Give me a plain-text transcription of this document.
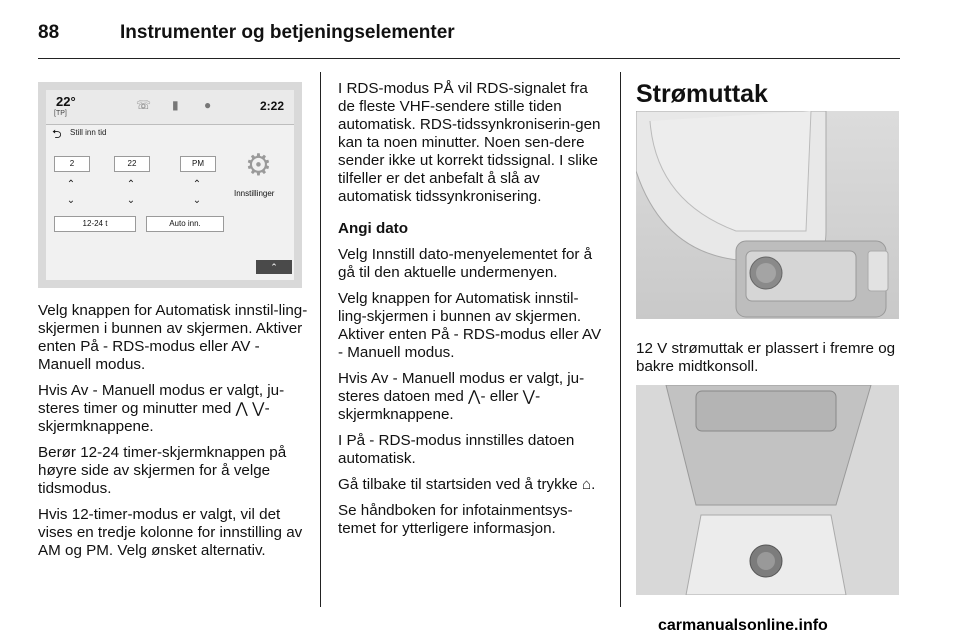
88	Instrumenter og betjeningselementer
22°
[TP]
☏ ▮ ●	2:22
⮌ Still inn tid
2	22	PM
⌃	⌃	⌃
⌄	⌄	⌄
12-24 t	Auto inn.
⚙
Innstillinger
⌃

Velg knappen for Automatisk innstil-ling-skjermen i bunnen av skjermen. Aktiver enten På - RDS-modus eller AV - Manuell modus.

Hvis Av - Manuell modus er valgt, ju-steres timer og minutter med ⋀ ⋁-skjermknappene.

Berør 12-24 timer-skjermknappen på høyre side av skjermen for å velge tidsmodus.

Hvis 12-timer-modus er valgt, vil det vises en tredje kolonne for innstilling av AM og PM. Velg ønsket alternativ.

I RDS-modus PÅ vil RDS-signalet fra de fleste VHF-sendere stille tiden automatisk. RDS-tidssynkroniserin-gen kan ta noen minutter. Noen sen-dere sender ikke ut korrekt tidssignal. I slike tilfeller er det anbefalt å slå av automatisk tidssynkronisering.

Angi dato

Velg Innstill dato-menyelementet for å gå til den aktuelle undermenyen.

Velg knappen for Automatisk innstil-ling-skjermen i bunnen av skjermen. Aktiver enten På - RDS-modus eller AV - Manuell modus.

Hvis Av - Manuell modus er valgt, ju-steres datoen med ⋀- eller ⋁-skjermknappene.

I På - RDS-modus innstilles datoen automatisk.

Gå tilbake til startsiden ved å trykke ⌂.

Se håndboken for infotainmentsys-temet for ytterligere informasjon.

Strømuttak

12 V strømuttak er plassert i fremre og bakre midtkonsoll.

carmanualsonline.info
